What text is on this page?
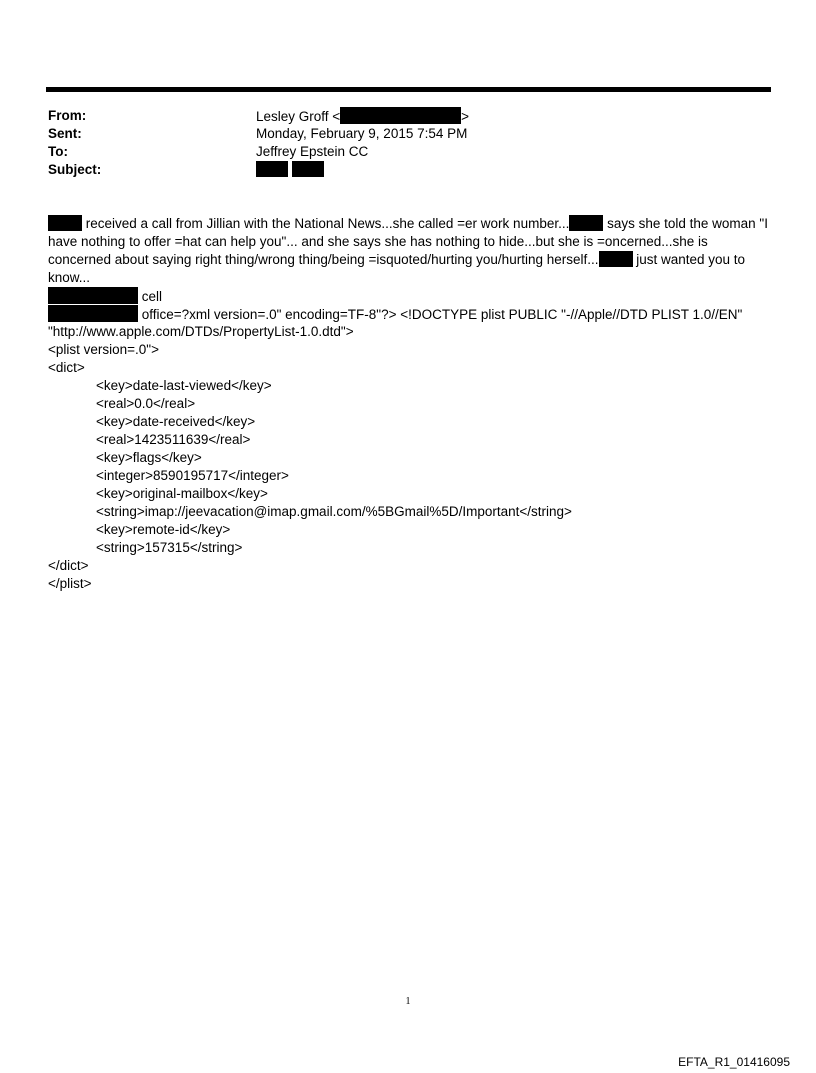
From:	Lesley Groff <	>
Sent:	Monday, February 9, 2015 7:54 PM
To:	Jeffrey Epstein CC
Subject:

received a call from Jillian with the National News...she called =er work number...	says she told the woman "I have nothing to offer =hat can help you"... and she says she has nothing to hide...but she is =oncerned...she is concerned about saying right thing/wrong thing/being =isquoted/hurting you/hurting herself...	just wanted you to know...

cell
office=?xml version=.0" encoding=TF-8"?> <!DOCTYPE plist PUBLIC "-//Apple//DTD PLIST 1.0//EN"
"http://www.apple.com/DTDs/PropertyList-1.0.dtd">
<plist version=.0">
<dict>
<key>date-last-viewed</key>
<real>0.0</real>
<key>date-received</key>
<real>1423511639</real>
<key>flags</key>
<integer>8590195717</integer>
<key>original-mailbox</key>
<string>imap://jeevacation@imap.gmail.com/%5BGmail%5D/Important</string>
<key>remote-id</key>
<string>157315</string>
</dict>
</plist>
1
EFTA_R1_01416095
